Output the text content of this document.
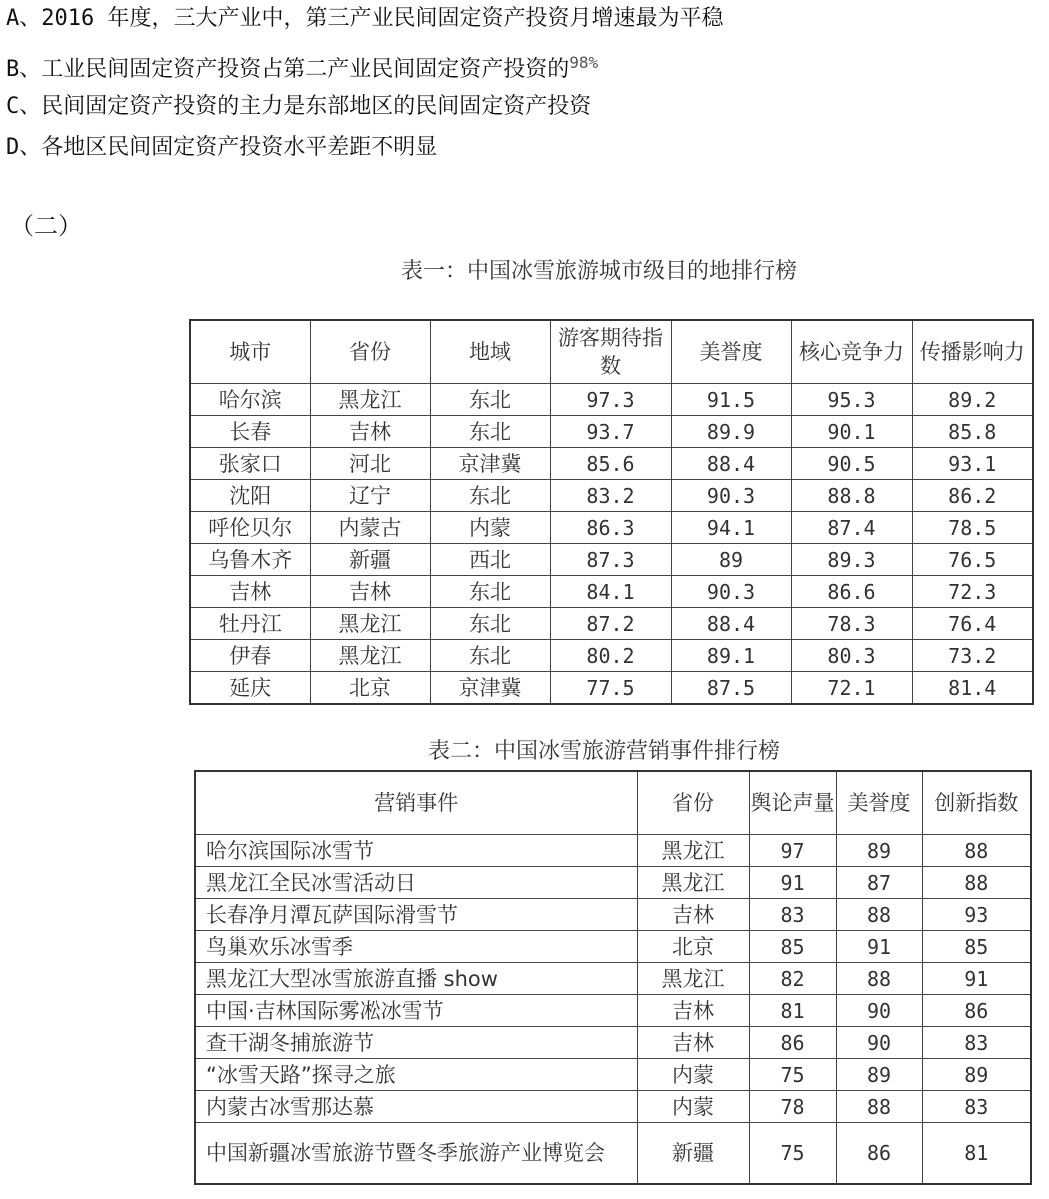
A、2016 年度，三大产业中，第三产业民间固定资产投资月增速最为平稳
B、工业民间固定资产投资占第二产业民间固定资产投资的$^{98\%}$
C、民间固定资产投资的主力是东部地区的民间固定资产投资
D、各地区民间固定资产投资水平差距不明显
（二）
表一：中国冰雪旅游城市级目的地排行榜
城市	省份	地域	游客期待指数	美誉度	核心竞争力	传播影响力
哈尔滨	黑龙江	东北	97.3	91.5	95.3	89.2
长春	吉林	东北	93.7	89.9	90.1	85.8
张家口	河北	京津冀	85.6	88.4	90.5	93.1
沈阳	辽宁	东北	83.2	90.3	88.8	86.2
呼伦贝尔	内蒙古	内蒙	86.3	94.1	87.4	78.5
乌鲁木齐	新疆	西北	87.3	89	89.3	76.5
吉林	吉林	东北	84.1	90.3	86.6	72.3
牡丹江	黑龙江	东北	87.2	88.4	78.3	76.4
伊春	黑龙江	东北	80.2	89.1	80.3	73.2
延庆	北京	京津冀	77.5	87.5	72.1	81.4
表二：中国冰雪旅游营销事件排行榜
营销事件	省份	舆论声量	美誉度	创新指数
哈尔滨国际冰雪节	黑龙江	97	89	88
黑龙江全民冰雪活动日	黑龙江	91	87	88
长春净月潭瓦萨国际滑雪节	吉林	83	88	93
鸟巢欢乐冰雪季	北京	85	91	85
黑龙江大型冰雪旅游直播 show	黑龙江	82	88	91
中国·吉林国际雾凇冰雪节	吉林	81	90	86
查干湖冬捕旅游节	吉林	86	90	83
“冰雪天路”探寻之旅	内蒙	75	89	89
内蒙古冰雪那达慕	内蒙	78	88	83
中国新疆冰雪旅游节暨冬季旅游产业博览会	新疆	75	86	81
